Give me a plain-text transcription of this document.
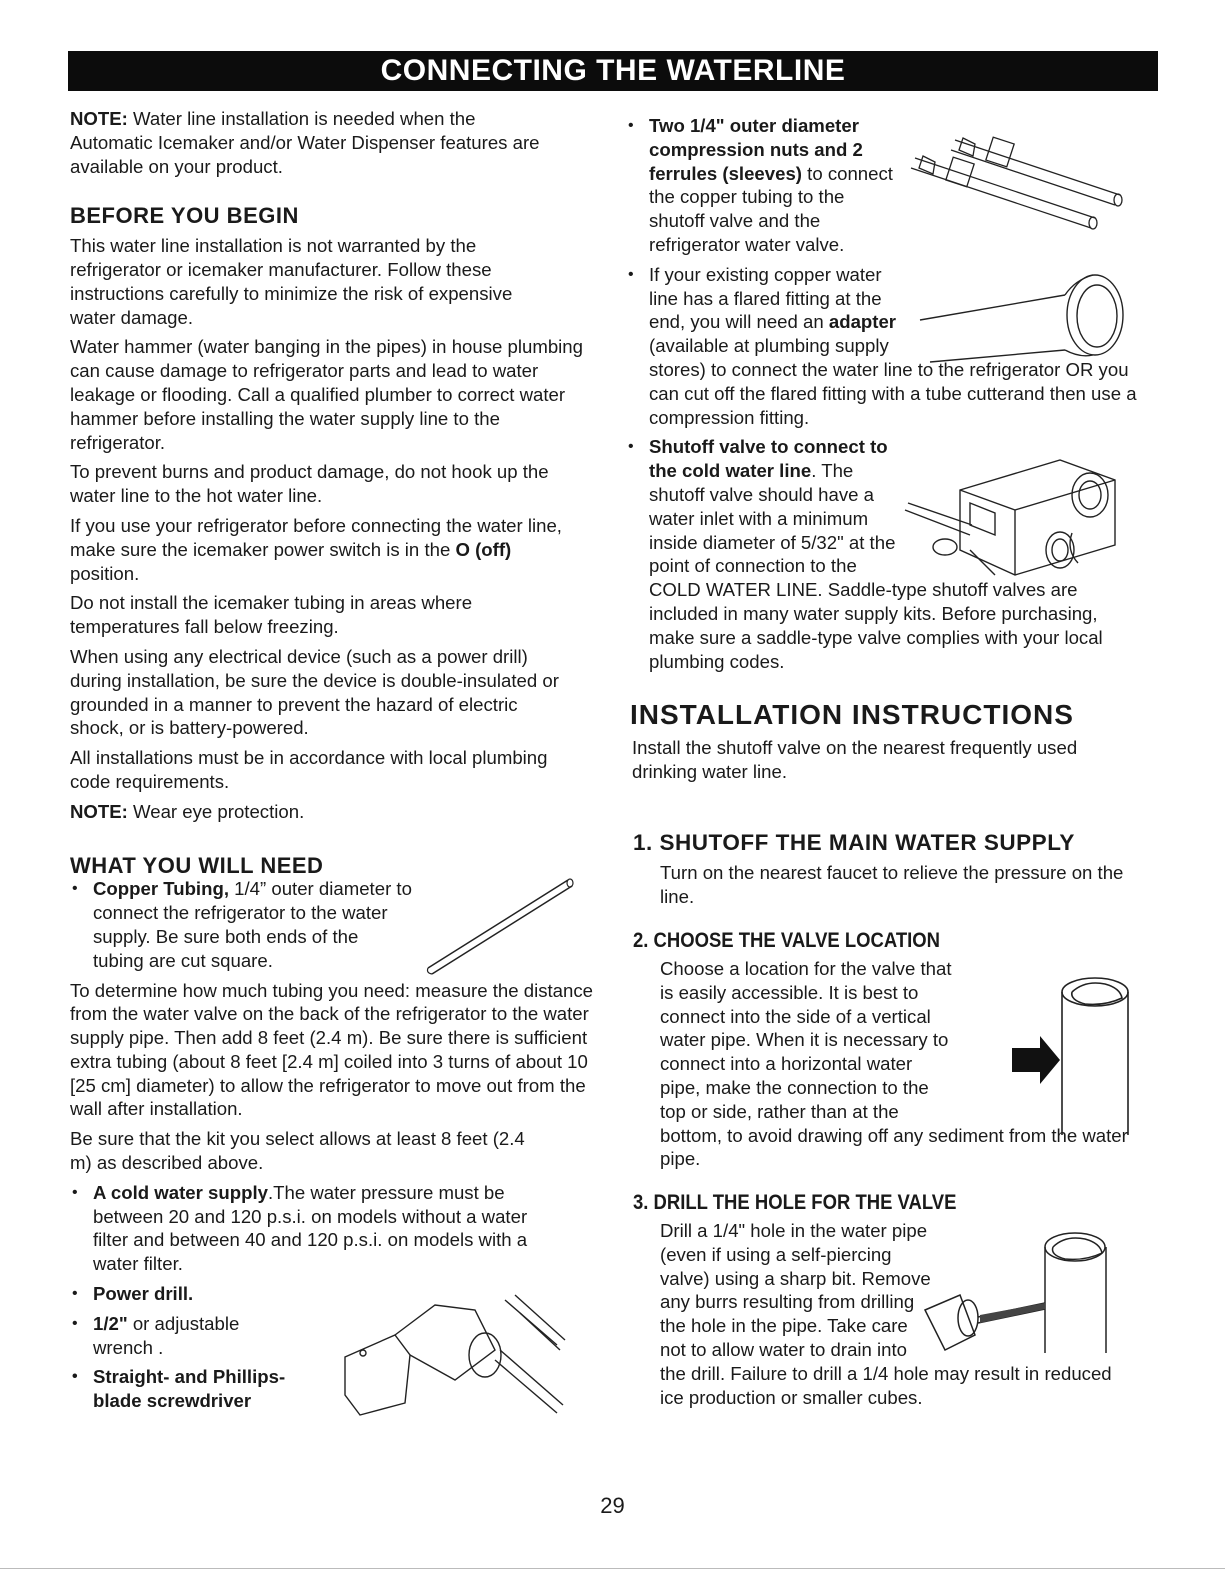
CONNECTING THE WATERLINE

NOTE: Water line installation is needed when the Automatic Icemaker and/or Water Dispenser features are available on your product.

BEFORE YOU BEGIN

This water line installation is not warranted by the refrigerator or icemaker manufacturer. Follow these instructions carefully to minimize the risk of expensive water damage.

Water hammer (water banging in the pipes) in house plumbing can cause damage to refrigerator parts and lead to water leakage or flooding. Call a qualified plumber to correct water hammer before installing the water supply line to the refrigerator.

To prevent burns and product damage, do not hook up the water line to the hot water line.

If you use your refrigerator before connecting the water line, make sure the icemaker power switch is in the O (off) position.

Do not install the icemaker tubing in areas where temperatures fall below freezing.

When using any electrical device (such as a power drill) during installation, be sure the device is double-insulated or grounded in a manner to prevent the hazard of electric shock, or is battery-powered.

All installations must be in accordance with local plumbing code requirements.

NOTE: Wear eye protection.

WHAT YOU WILL NEED
• Copper Tubing, 1/4” outer diameter to connect the refrigerator to the water supply. Be sure both ends of the tubing are cut square.

To determine how much tubing you need: measure the distance from the water valve on the back of the refrigerator to the water supply pipe. Then add 8 feet (2.4 m). Be sure there is sufficient extra tubing (about 8 feet [2.4 m] coiled into 3 turns of about 10 [25 cm] diameter) to allow the refrigerator to move out from the wall after installation.

Be sure that the kit you select allows at least 8 feet (2.4 m) as described above.

• A cold water supply.The water pressure must be between 20 and 120 p.s.i. on models without a water filter and between 40 and 120 p.s.i. on models with a water filter.
• Power drill.
• 1/2" or adjustable wrench .
• Straight- and Phillips-blade screwdriver
• Two 1/4" outer diameter compression nuts and 2 ferrules (sleeves) to connect the copper tubing to the shutoff valve and the refrigerator water valve.
• If your existing copper water line has a flared fitting at the end, you will need an adapter (available at plumbing supply stores) to connect the water line to the refrigerator OR you can cut off the flared fitting with a tube cutterand then use a compression fitting.
• Shutoff valve to connect to the cold water line. The shutoff valve should have a water inlet with a minimum inside diameter of 5/32" at the point of connection to the COLD WATER LINE. Saddle-type shutoff valves are included in many water supply kits. Before purchasing, make sure a saddle-type valve complies with your local plumbing codes.
INSTALLATION INSTRUCTIONS

Install the shutoff valve on the nearest frequently used drinking water line.

1. SHUTOFF THE MAIN WATER SUPPLY

Turn on the nearest faucet to relieve the pressure on the line.

2. CHOOSE THE VALVE LOCATION
Choose a location for the valve that is easily accessible. It is best to connect into the side of a vertical water pipe. When it is necessary to connect into a horizontal water pipe, make the connection to the top or side, rather than at the bottom, to avoid drawing off any sediment from the water pipe.
3. DRILL THE HOLE FOR THE VALVE
Drill a 1/4" hole in the water pipe (even if using a self-piercing valve) using a sharp bit. Remove any burrs resulting from drilling the hole in the pipe. Take care not to allow water to drain into the drill. Failure to drill a 1/4 hole may result in reduced ice production or smaller cubes.
29
